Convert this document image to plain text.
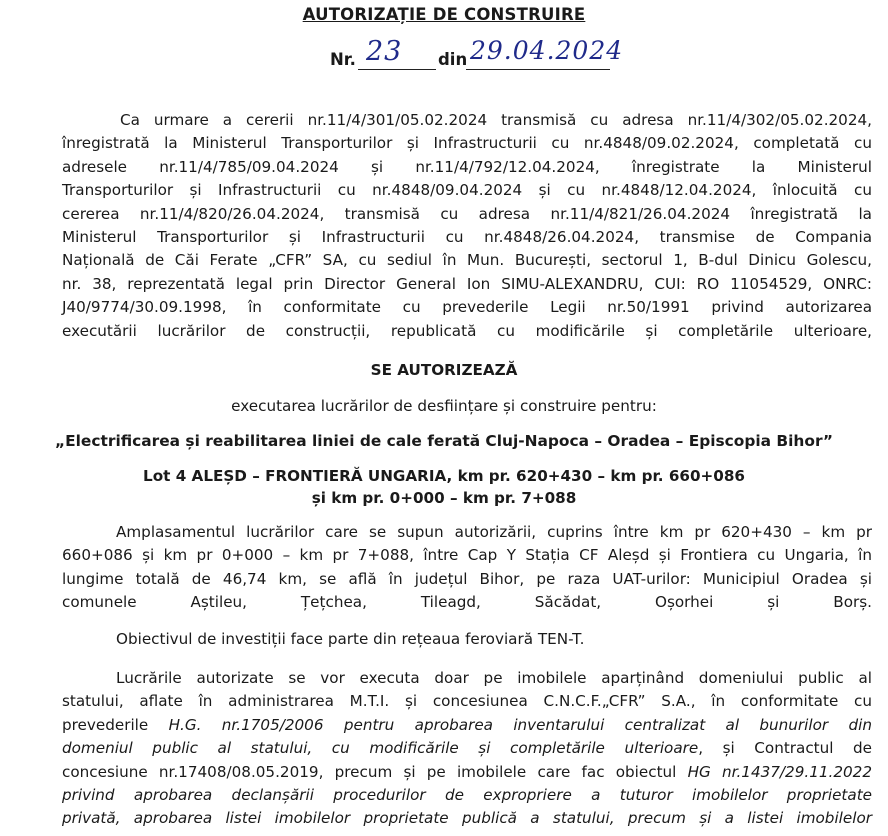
AUTORIZAȚIE DE CONSTRUIRE
Nr. 23 din 29.04.2024
Ca urmare a cererii nr.11/4/301/05.02.2024 transmisă cu adresa nr.11/4/302/05.02.2024,
înregistrată la Ministerul Transporturilor și Infrastructurii cu nr.4848/09.02.2024, completată cu
adresele nr.11/4/785/09.04.2024 și nr.11/4/792/12.04.2024, înregistrate la Ministerul
Transporturilor și Infrastructurii cu nr.4848/09.04.2024 și cu nr.4848/12.04.2024, înlocuită cu
cererea nr.11/4/820/26.04.2024, transmisă cu adresa nr.11/4/821/26.04.2024 înregistrată la
Ministerul Transporturilor și Infrastructurii cu nr.4848/26.04.2024, transmise de Compania
Națională de Căi Ferate „CFR” SA, cu sediul în Mun. București, sectorul 1, B-dul Dinicu Golescu,
nr. 38, reprezentată legal prin Director General Ion SIMU-ALEXANDRU, CUI: RO 11054529, ONRC:
J40/9774/30.09.1998, în conformitate cu prevederile Legii nr.50/1991 privind autorizarea
executării lucrărilor de construcții, republicată cu modificările și completările ulterioare,
SE AUTORIZEAZĂ
executarea lucrărilor de desființare și construire pentru:
„Electrificarea și reabilitarea liniei de cale ferată Cluj-Napoca – Oradea – Episcopia Bihor”
Lot 4 ALEȘD – FRONTIERĂ UNGARIA, km pr. 620+430 – km pr. 660+086
și km pr. 0+000 – km pr. 7+088
Amplasamentul lucrărilor care se supun autorizării, cuprins între km pr 620+430 – km pr
660+086 și km pr 0+000 – km pr 7+088, între Cap Y Stația CF Aleșd și Frontiera cu Ungaria, în
lungime totală de 46,74 km, se află în județul Bihor, pe raza UAT-urilor: Municipiul Oradea și
comunele Aștileu, Țețchea, Tileagd, Săcădat, Oșorhei și Borș.
Obiectivul de investiții face parte din rețeaua feroviară TEN-T.
Lucrările autorizate se vor executa doar pe imobilele aparținând domeniului public al
statului, aflate în administrarea M.T.I. și concesiunea C.N.C.F.„CFR” S.A., în conformitate cu
prevederile H.G. nr.1705/2006 pentru aprobarea inventarului centralizat al bunurilor din
domeniul public al statului, cu modificările și completările ulterioare, și Contractul de
concesiune nr.17408/08.05.2019, precum și pe imobilele care fac obiectul HG nr.1437/29.11.2022
privind aprobarea declanșării procedurilor de expropriere a tuturor imobilelor proprietate
privată, aprobarea listei imobilelor proprietate publică a statului, precum și a listei imobilelor
